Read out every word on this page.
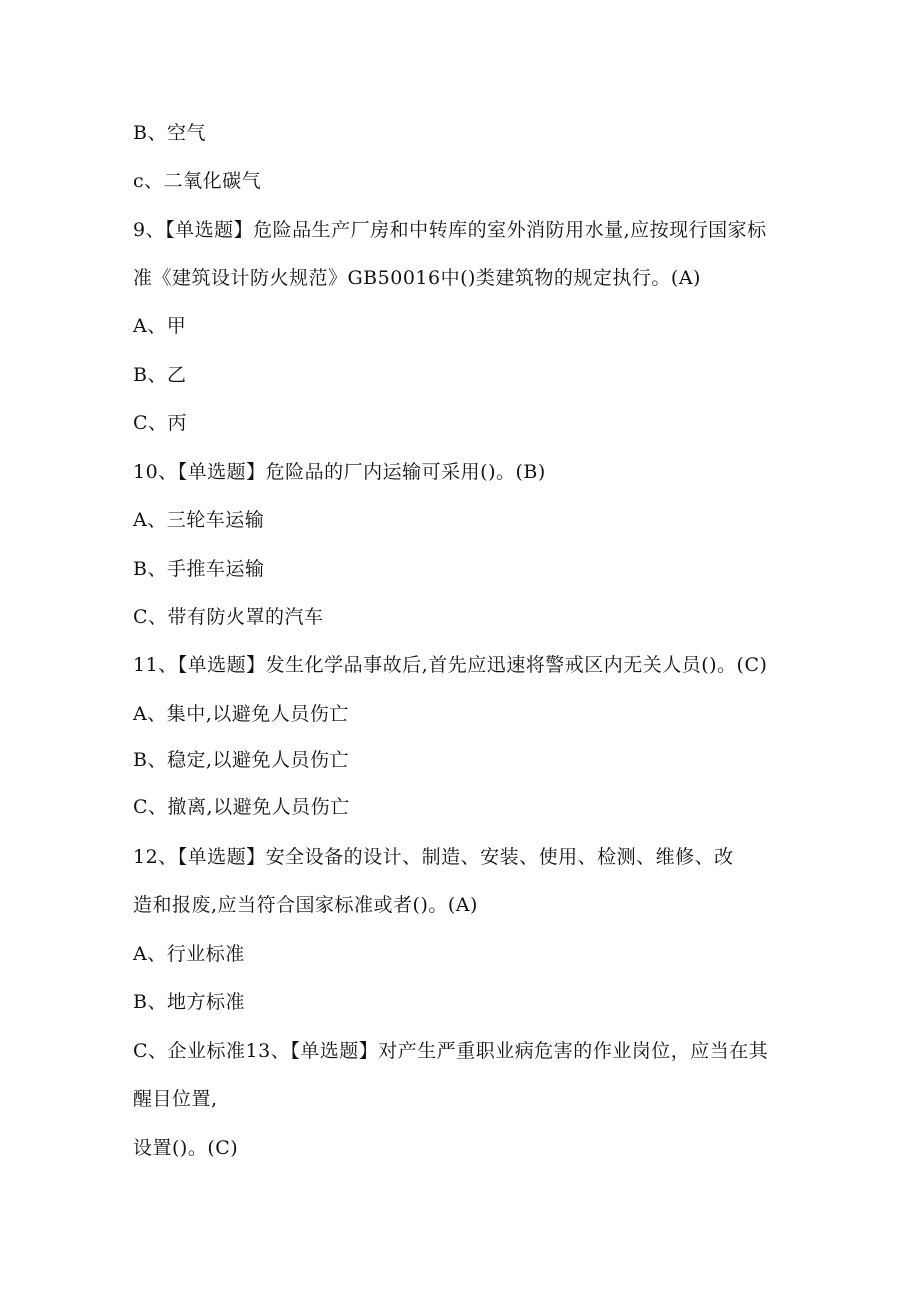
B、空气
c、二氧化碳气
9、【单选题】危险品生产厂房和中转库的室外消防用水量,应按现行国家标
准《建筑设计防火规范》GB50016中()类建筑物的规定执行。(A)
A、甲
B、乙
C、丙
10、【单选题】危险品的厂内运输可采用()。(B)
A、三轮车运输
B、手推车运输
C、带有防火罩的汽车
11、【单选题】发生化学品事故后,首先应迅速将警戒区内无关人员()。(C)
A、集中,以避免人员伤亡
B、稳定,以避免人员伤亡
C、撤离,以避免人员伤亡
12、【单选题】安全设备的设计、制造、安装、使用、检测、维修、改
造和报废,应当符合国家标准或者()。(A)
A、行业标准
B、地方标准
C、企业标准13、【单选题】对产生严重职业病危害的作业岗位，应当在其
醒目位置,
设置()。(C)
